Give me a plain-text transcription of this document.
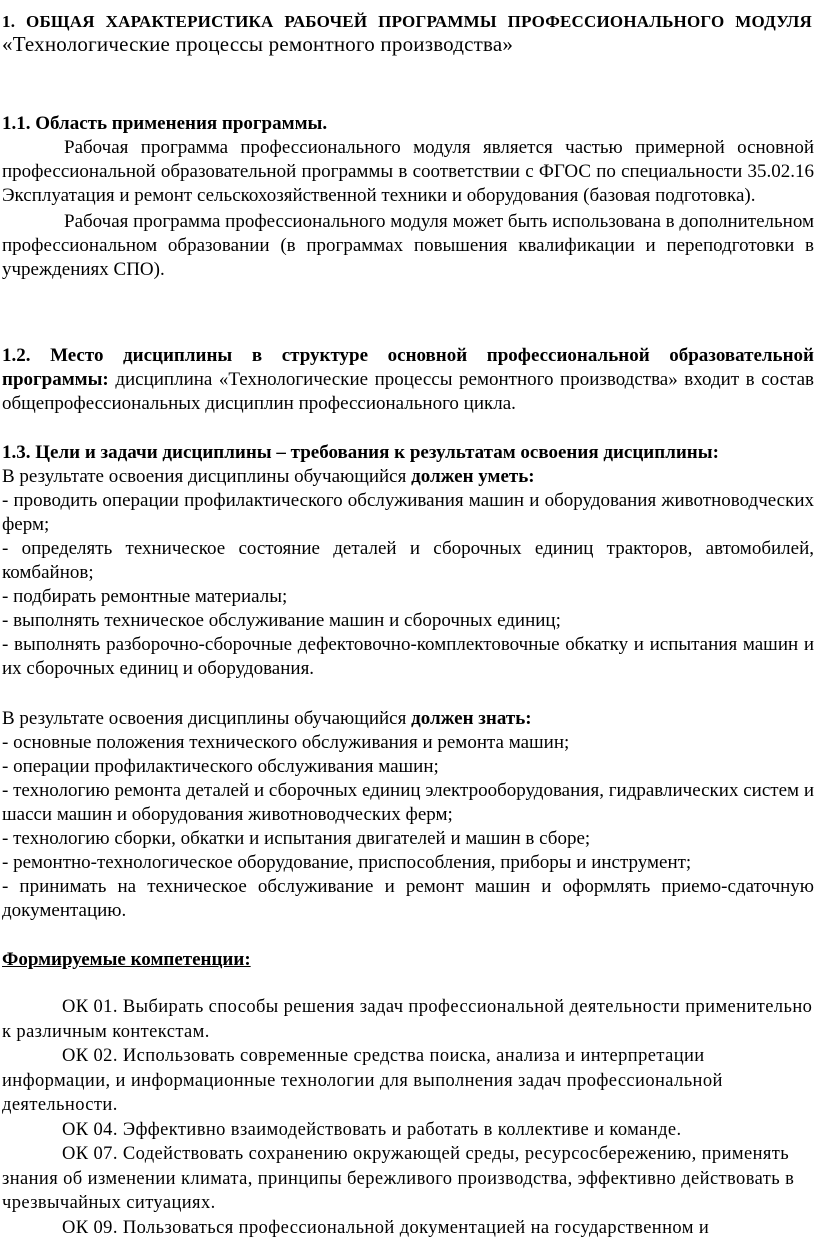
1. ОБЩАЯ ХАРАКТЕРИСТИКА РАБОЧЕЙ ПРОГРАММЫ ПРОФЕССИОНАЛЬНОГО МОДУЛЯ «Технологические процессы ремонтного производства»

1.1. Область применения программы.

Рабочая программа профессионального модуля является частью примерной основной профессиональной образовательной программы в соответствии с ФГОС по специальности 35.02.16 Эксплуатация и ремонт сельскохозяйственной техники и оборудования (базовая подготовка).

Рабочая программа профессионального модуля может быть использована в дополнительном профессиональном образовании (в программах повышения квалификации и переподготовки в учреждениях СПО).

1.2. Место дисциплины в структуре основной профессиональной образовательной программы: дисциплина «Технологические процессы ремонтного производства» входит в состав общепрофессиональных дисциплин профессионального цикла.

1.3. Цели и задачи дисциплины – требования к результатам освоения дисциплины:

В результате освоения дисциплины обучающийся должен уметь:

- проводить операции профилактического обслуживания машин и оборудования животноводческих ферм;

- определять техническое состояние деталей и сборочных единиц тракторов, автомобилей, комбайнов;

- подбирать ремонтные материалы;

- выполнять техническое обслуживание машин и сборочных единиц;

- выполнять разборочно-сборочные дефектовочно-комплектовочные обкатку и испытания машин и их сборочных единиц и оборудования.

В результате освоения дисциплины обучающийся должен знать:

- основные положения технического обслуживания и ремонта машин;

- операции профилактического обслуживания машин;

- технологию ремонта деталей и сборочных единиц электрооборудования, гидравлических систем и шасси машин и оборудования животноводческих ферм;

- технологию сборки, обкатки и испытания двигателей и машин в сборе;

- ремонтно-технологическое оборудование, приспособления, приборы и инструмент;

- принимать на техническое обслуживание и ремонт машин и оформлять приемо-сдаточную документацию.

Формируемые компетенции:

ОК 01. Выбирать способы решения задач профессиональной деятельности применительно к различным контекстам.

ОК 02. Использовать современные средства поиска, анализа и интерпретации информации, и информационные технологии для выполнения задач профессиональной деятельности.

ОК 04. Эффективно взаимодействовать и работать в коллективе и команде.

ОК 07. Содействовать сохранению окружающей среды, ресурсосбережению, применять знания об изменении климата, принципы бережливого производства, эффективно действовать в чрезвычайных ситуациях.

ОК 09. Пользоваться профессиональной документацией на государственном и
